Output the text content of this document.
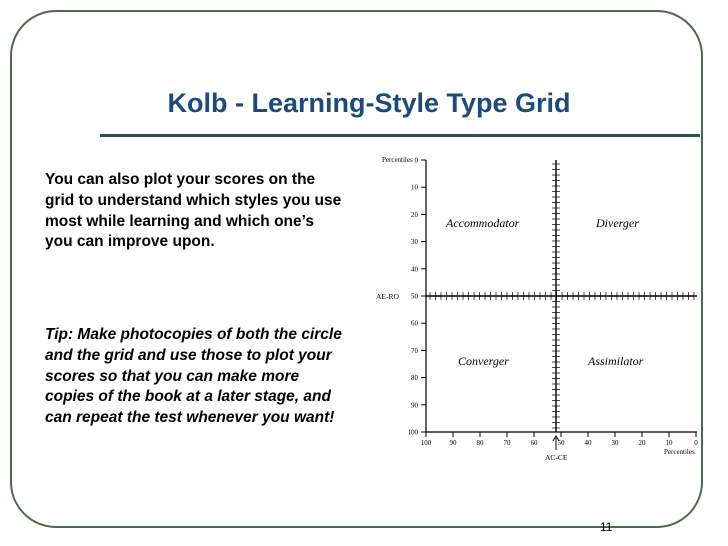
Kolb - Learning-Style Type Grid
You can also plot your scores on the grid to understand which styles you use most while learning and which one’s you can improve upon.
Tip: Make photocopies of both the circle and the grid and use those to plot your scores so that you can make more copies of the book at a later stage, and can repeat the test whenever you want!
11
0
10
20
30
40
50
60
70
80
90
100
100	90	80	70	60	50	40	30	20	10	0
Percentiles
Percentiles
AE-RO
AC-CE
Accommodator	Diverger
Converger	Assimilator
